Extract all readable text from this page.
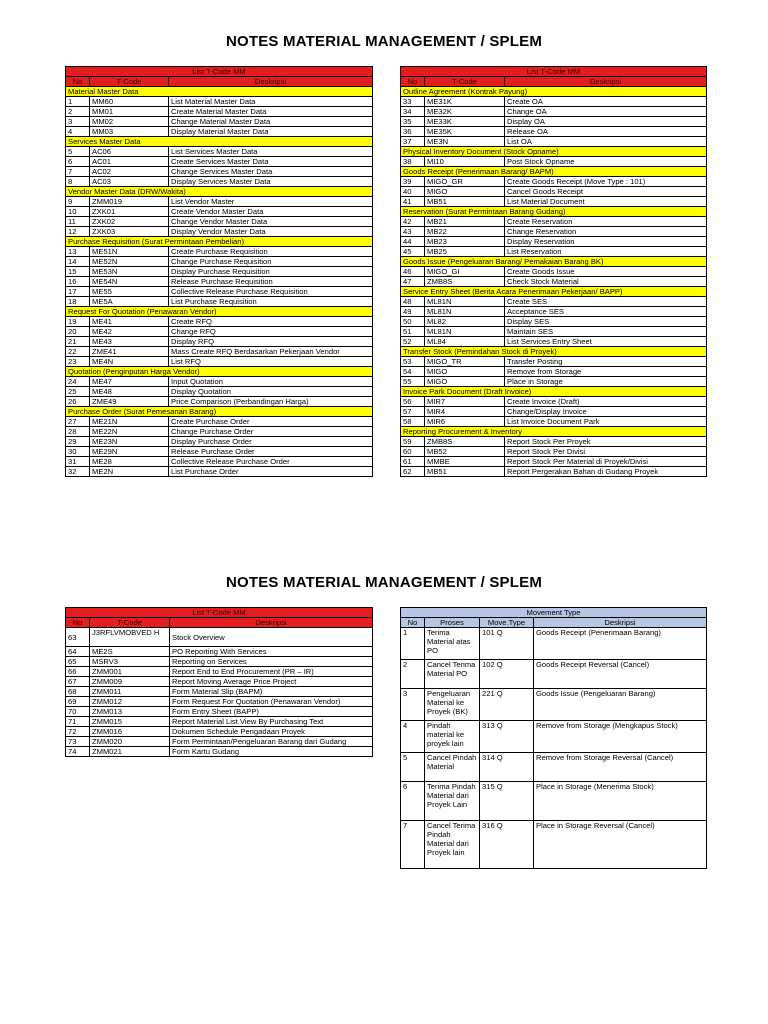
NOTES MATERIAL MANAGEMENT / SPLEM
List T-Code MM		
No	T-Code	Deskripsi
Material Master Data		
1	MM60	List Material Master Data
2	MM01	Create Material Master Data
3	MM02	Change Material Master Data
4	MM03	Display Material Master Data
Services Master Data		
5	AC06	List Services Master Data
6	AC01	Create Services Master Data
7	AC02	Change Services Master Data
8	AC03	Display Services Master Data
Vendor Master Data (DRW/Wakita)		
9	ZMM019	List Vendor Master
10	ZXK01	Create Vendor Master Data
11	ZXK02	Change Vendor Master Data
12	ZXK03	Display Vendor Master Data
Purchase Requisition (Surat Permintaan Pembelian)		
13	ME51N	Create Purchase Requisition
14	ME52N	Change Purchase Requisition
15	ME53N	Display Purchase Requisition
16	ME54N	Release Purchase Requisition
17	ME55	Collective Release Purchase Requisition
18	ME5A	List Purchase Requisition
Request For Quotation (Penawaran Vendor)		
19	ME41	Create RFQ
20	ME42	Change RFQ
21	ME43	Display RFQ
22	ZME41	Mass Create RFQ Berdasarkan Pekerjaan Vendor
23	ME4N	List RFQ
Quotation (Penginputan Harga Vendor)		
24	ME47	Input Quotation
25	ME48	Display Quotation
26	ZME49	Price Comparison (Perbandingan Harga)
Purchase Order (Surat Pemesanan Barang)		
27	ME21N	Create Purchase Order
28	ME22N	Change Purchase Order
29	ME23N	Display Purchase Order
30	ME29N	Release Purchase Order
31	ME28	Collective Release Purchase Order
32	ME2N	List Purchase Order
List T-Code MM		
No	T-Code	Deskripsi
Outline Agreement (Kontrak Payung)		
33	ME31K	Create OA
34	ME32K	Change OA
35	ME33K	Display OA
36	ME35K	Release OA
37	ME3N	List OA
Physical Inventory Document (Stock Opname)		
38	MI10	Post Stock Opname
Goods Receipt (Penerimaan Barang/ BAPM)		
39	MIGO_GR	Create Goods Receipt (Move Type : 101)
40	MIGO	Cancel Goods Receipt
41	MB51	List Material Document
Reservation (Surat Permintaan Barang Gudang)		
42	MB21	Create Reservation
43	MB22	Change Reservation
44	MB23	Display Reservation
45	MB25	List Reservation
Goods Issue (Pengeluaran Barang/ Pemakaian Barang BK)		
46	MIGO_GI	Create Goods Issue
47	ZMB8S	Check Stock Material
Service Entry Sheet (Berita Acara Penerimaan Pekerjaan/ BAPP)		
48	ML81N	Create SES
49	ML81N	Acceptance SES
50	ML82	Display SES
51	ML81N	Maintain SES
52	ML84	List Services Entry Sheet
Transfer Stock (Pemindahan Stock di Proyek)		
53	MIGO_TR	Transfer Posting
54	MIGO	Remove from Storage
55	MIGO	Place in Storage
Invoice Park Document (Draft Invoice)		
56	MIR7	Create Invoice (Draft)
57	MIR4	Change/Display Invoice
58	MIR6	List Invoice Document Park
Reporting Procurement & Inventory		
59	ZMB8S	Report Stock Per Proyek
60	MB52	Report Stock Per Divisi
61	MMBE	Report Stock Per Material di Proyek/Divisi
62	MB51	Report Pergerakan Bahan di Gudang Proyek
NOTES MATERIAL MANAGEMENT / SPLEM
List T-Code MM		
No	T-Code	Deskripsi
63	J3RFLVMOBVED H	Stock Overview
64	ME2S	PO Reporting With Services
65	MSRV3	Reporting on Services
66	ZMM001	Report End to End Procurement (PR – IR)
67	ZMM009	Report Moving Average Price Project
68	ZMM011	Form Material Slip (BAPM)
69	ZMM012	Form Request For Quotation (Penawaran Vendor)
70	ZMM013	Form Entry Sheet (BAPP)
71	ZMM015	Report Material List View By Purchasing Text
72	ZMM016	Dokumen Schedule Pengadaan Proyek
73	ZMM020	Form Permintaan/Pengeluaran Barang dari Gudang
74	ZMM021	Form Kartu Gudang
Movement Type			
No	Proses	Move.Type	Deskripsi
1	Terima Material atas PO	101 Q	Goods Receipt (Penerimaan Barang)
2	Cancel Terima Material PO	102 Q	Goods Receipt Reversal (Cancel)
3	Pengeluaran Material ke Proyek (BK)	221 Q	Goods Issue (Pengeluaran Barang)
4	Pindah material ke proyek lain	313 Q	Remove from Storage (Mengkapus Stock)
5	Cancel Pindah Material	314 Q	Remove from Storage Reversal (Cancel)
6	Terima Pindah Material dari Proyek Lain	315 Q	Place in Storage (Menerima Stock)
7	Cancel Terima Pindah Material dari Proyek lain	316 Q	Place in Storage Reversal (Cancel)
